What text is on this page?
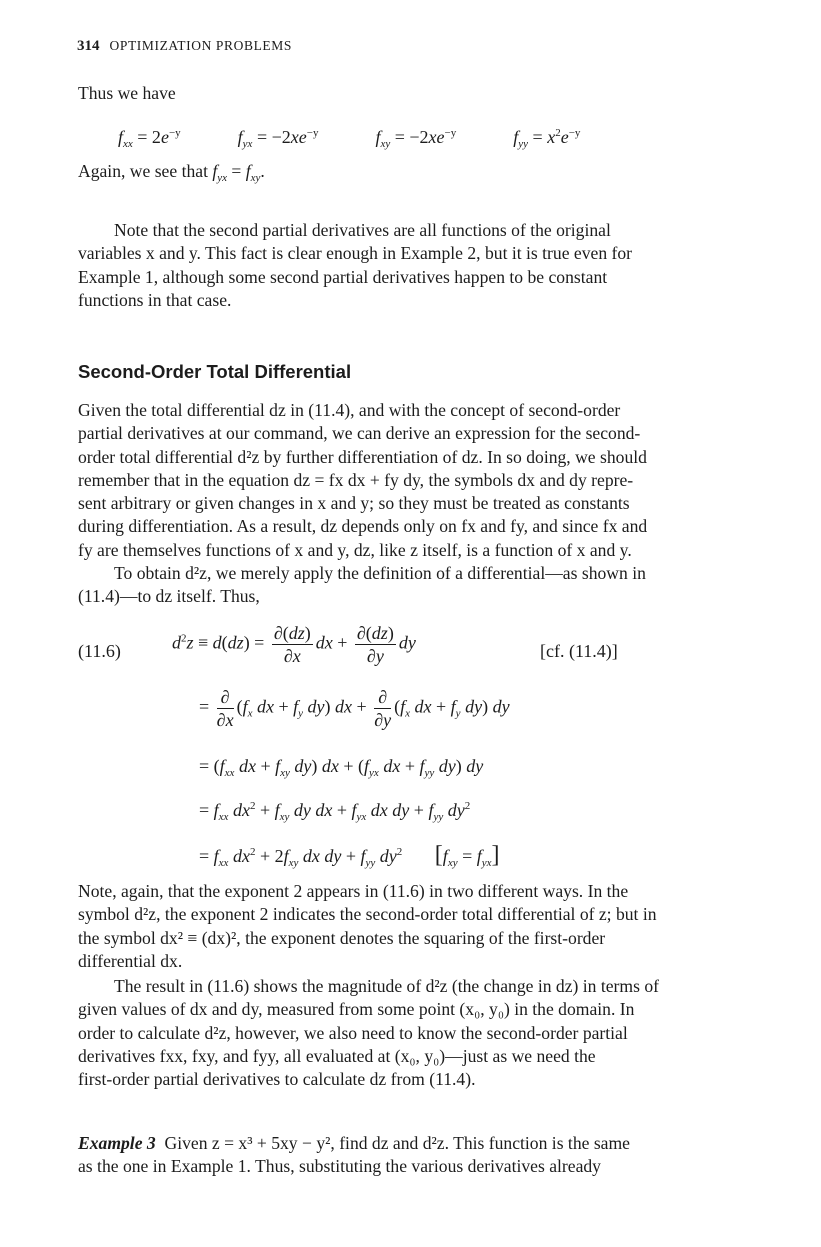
314 OPTIMIZATION PROBLEMS
Thus we have
$f_{xx} = 2e^{-y}$	$f_{yx} = -2xe^{-y}$	$f_{xy} = -2xe^{-y}$	$f_{yy} = x^2e^{-y}$
Again, we see that $f_{yx} = f_{xy}$.
Note that the second partial derivatives are all functions of the original
variables x and y. This fact is clear enough in Example 2, but it is true even for
Example 1, although some second partial derivatives happen to be constant
functions in that case.
Second-Order Total Differential
Given the total differential dz in (11.4), and with the concept of second-order
partial derivatives at our command, we can derive an expression for the second-
order total differential d²z by further differentiation of dz. In so doing, we should
remember that in the equation dz = fx dx + fy dy, the symbols dx and dy repre-
sent arbitrary or given changes in x and y; so they must be treated as constants
during differentiation. As a result, dz depends only on fx and fy, and since fx and
fy are themselves functions of x and y, dz, like z itself, is a function of x and y.
To obtain d²z, we merely apply the definition of a differential—as shown in
(11.4)—to dz itself. Thus,
(11.6)	[cf. (11.4)]
$d^2z \equiv d(dz) = \frac{\partial(dz)}{\partial x}$ dx + $\frac{\partial(dz)}{\partial y}$ dy
= $\frac{\partial}{\partial x} (f_x$ dx + $f_y$ dy) dx + $\frac{\partial}{\partial y} (f_x$ dx + $f_y$ dy) dy
= ($f_{xx}$ dx + $f_{xy}$ dy) dx + ($f_{yx}$ dx + $f_{yy}$ dy) dy
= $f_{xx}$ $dx^2 + f_{xy}$ dy dx + $f_{yx}$ dx dy + $f_{yy}$ $dy^2$
= $f_{xx}$ $dx^2 + 2f_{xy}$ dx dy + $f_{yy}$ $dy^2$ $[f_{xy} = f_{yx}]$
Note, again, that the exponent 2 appears in (11.6) in two different ways. In the
symbol d²z, the exponent 2 indicates the second-order total differential of z; but in
the symbol dx² ≡ (dx)², the exponent denotes the squaring of the first-order
differential dx.
The result in (11.6) shows the magnitude of d²z (the change in dz) in terms of
given values of dx and dy, measured from some point (x₀, y₀) in the domain. In
order to calculate d²z, however, we also need to know the second-order partial
derivatives fxx, fxy, and fyy, all evaluated at (x₀, y₀)—just as we need the
first-order partial derivatives to calculate dz from (11.4).
Example 3 Given z = x³ + 5xy − y², find dz and d²z. This function is the same
as the one in Example 1. Thus, substituting the various derivatives already
